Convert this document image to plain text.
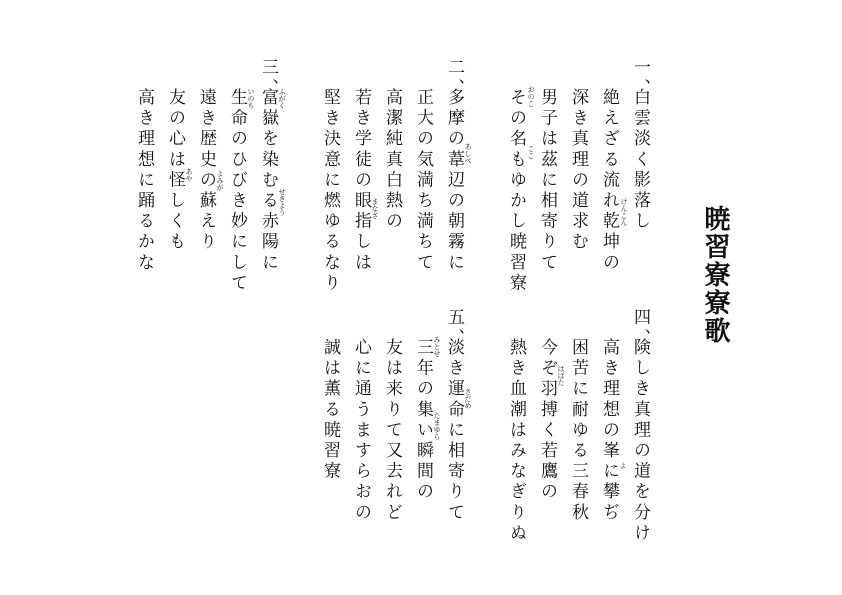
暁習寮寮歌
一、
白雲淡く影落し
絶えざる流れ乾坤の
深き真理の道求む
男子は茲に相寄りて
その名もゆかし暁習寮
二、
多摩の葦辺の朝霧に
正大の気満ち満ちて
高潔純真白熱の
若き学徒の眼指しは
堅き決意に燃ゆるなり
三、
富嶽を染むる赤陽に
生命のひびき妙にして
遠き歴史の蘇えり
友の心は怪しくも
高き理想に踊るかな
四、
険しき真理の道を分け
高き理想の峯に攀ぢ
困苦に耐ゆる三春秋
今ぞ羽搏く若鷹の
熱き血潮はみなぎりぬ
五、
淡き運命に相寄りて
三年の集い瞬間の
友は来りて又去れど
心に通うますらおの
誠は薫る暁習寮
けんこん
おのこ
ここ
あしべ
まなざ
ふがく
せきよう
いのち
よみが
あや
よ
はばた
さだめ
みとせ
たまゆら
